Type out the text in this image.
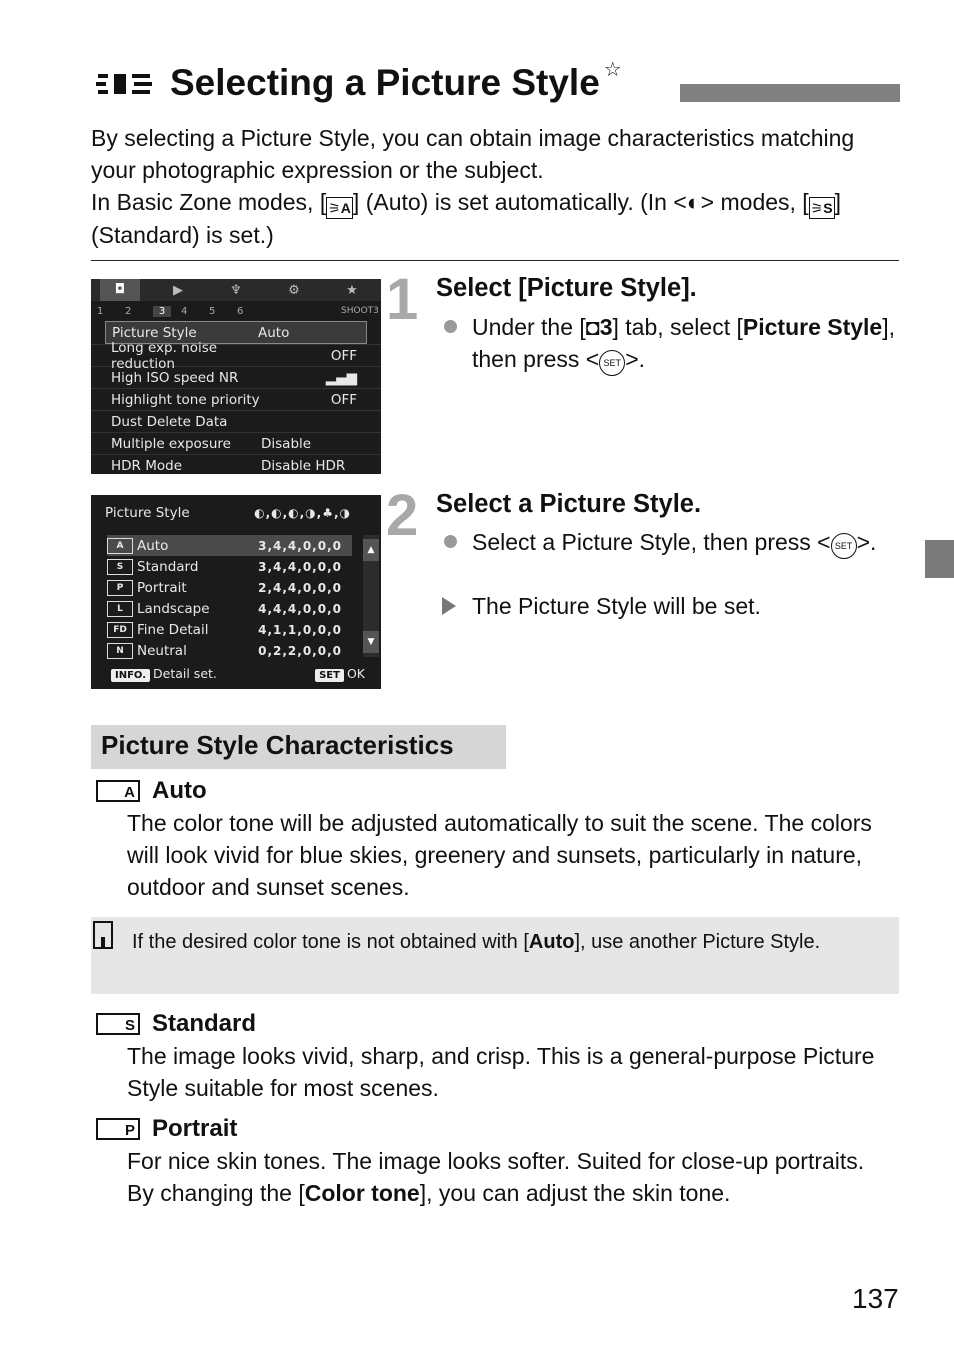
Selecting a Picture Style ☆

By selecting a Picture Style, you can obtain image characteristics matching your photographic expression or the subject.

In Basic Zone modes, [ ⚞A] (Auto) is set automatically. (In <◐> modes, [ ⚞S] (Standard) is set.)

◘	▶	♆	⚙	★
1	2	3	4	5	6	SHOOT3
Picture Style	Auto
Long exp. noise reduction	OFF
High ISO speed NR	▂▄▆
Highlight tone priority	OFF
Dust Delete Data
Multiple exposure	Disable
HDR Mode	Disable HDR
1 Select [Picture Style].
Under the [◘3] tab, select [Picture Style], then press < SET >.
Picture Style	◐,◐,◐,◑,♣,◑
A	Auto	3,4,4,0,0,0
S	Standard	3,4,4,0,0,0
P	Portrait	2,4,4,0,0,0
L	Landscape	4,4,4,0,0,0
FD Fine Detail	4,1,1,0,0,0
N Neutral	0,2,2,0,0,0
▲
▼
INFO. Detail set.	SET OK
2 Select a Picture Style.
Select a Picture Style, then press < SET >.
The Picture Style will be set.
Picture Style Characteristics
A Auto

The color tone will be adjusted automatically to suit the scene. The colors will look vivid for blue skies, greenery and sunsets, particularly in nature, outdoor and sunset scenes.

If the desired color tone is not obtained with [Auto], use another Picture Style.
S Standard

The image looks vivid, sharp, and crisp. This is a general-purpose Picture Style suitable for most scenes.

P Portrait

For nice skin tones. The image looks softer. Suited for close-up portraits.

By changing the [Color tone], you can adjust the skin tone.

137
